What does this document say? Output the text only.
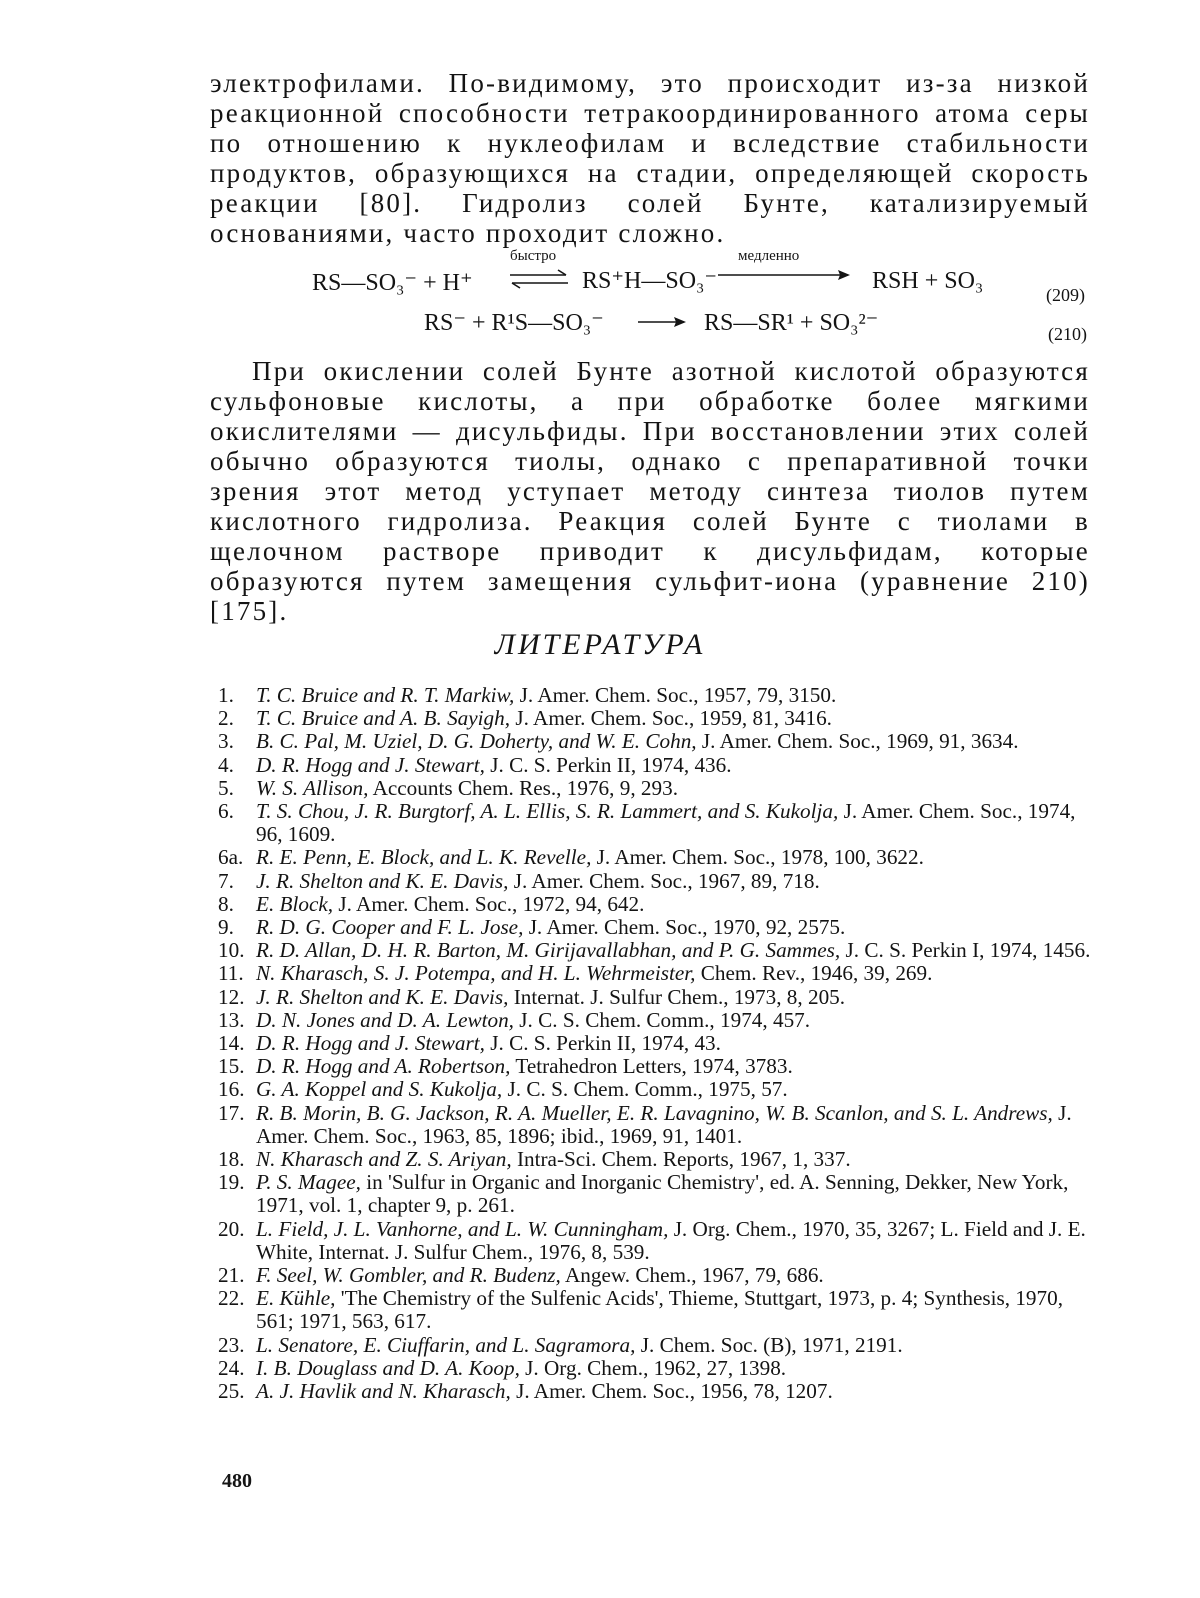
электрофилами. По-видимому, это происходит из-за низкой реакционной способности тетракоординированного атома серы по отношению к нуклеофилам и вследствие стабильности продуктов, образующихся на стадии, определяющей скорость реакции [80]. Гидролиз солей Бунте, катализируемый основаниями, часто проходит сложно.

RS—SO₃⁻ + H⁺
быстро
⇌ RS⁺H—SO₃⁻
медленно
RSH + SO₃
(209)
RS⁻ + R¹S—SO₃⁻	RS—SR¹ + SO₃²⁻	(210)

При окислении солей Бунте азотной кислотой образуются сульфоновые кислоты, а при обработке более мягкими окислителями — дисульфиды. При восстановлении этих солей обычно образуются тиолы, однако с препаративной точки зрения этот метод уступает методу синтеза тиолов путем кислотного гидролиза. Реакция солей Бунте с тиолами в щелочном растворе приводит к дисульфидам, которые образуются путем замещения сульфит-иона (уравнение 210) [175].

ЛИТЕРАТУРА
1. T. C. Bruice and R. T. Markiw, J. Amer. Chem. Soc., 1957, 79, 3150.
2. T. C. Bruice and A. B. Sayigh, J. Amer. Chem. Soc., 1959, 81, 3416.
3. B. C. Pal, M. Uziel, D. G. Doherty, and W. E. Cohn, J. Amer. Chem. Soc., 1969, 91, 3634.
4. D. R. Hogg and J. Stewart, J. C. S. Perkin II, 1974, 436.
5. W. S. Allison, Accounts Chem. Res., 1976, 9, 293.
6. T. S. Chou, J. R. Burgtorf, A. L. Ellis, S. R. Lammert, and S. Kukolja, J. Amer. Chem. Soc., 1974, 96, 1609.
6a. R. E. Penn, E. Block, and L. K. Revelle, J. Amer. Chem. Soc., 1978, 100, 3622.
7. J. R. Shelton and K. E. Davis, J. Amer. Chem. Soc., 1967, 89, 718.
8. E. Block, J. Amer. Chem. Soc., 1972, 94, 642.
9. R. D. G. Cooper and F. L. Jose, J. Amer. Chem. Soc., 1970, 92, 2575.
10. R. D. Allan, D. H. R. Barton, M. Girijavallabhan, and P. G. Sammes, J. C. S. Perkin I, 1974, 1456.
11. N. Kharasch, S. J. Potempa, and H. L. Wehrmeister, Chem. Rev., 1946, 39, 269.
12. J. R. Shelton and K. E. Davis, Internat. J. Sulfur Chem., 1973, 8, 205.
13. D. N. Jones and D. A. Lewton, J. C. S. Chem. Comm., 1974, 457.
14. D. R. Hogg and J. Stewart, J. C. S. Perkin II, 1974, 43.
15. D. R. Hogg and A. Robertson, Tetrahedron Letters, 1974, 3783.
16. G. A. Koppel and S. Kukolja, J. C. S. Chem. Comm., 1975, 57.
17. R. B. Morin, B. G. Jackson, R. A. Mueller, E. R. Lavagnino, W. B. Scanlon, and S. L. Andrews, J. Amer. Chem. Soc., 1963, 85, 1896; ibid., 1969, 91, 1401.
18. N. Kharasch and Z. S. Ariyan, Intra-Sci. Chem. Reports, 1967, 1, 337.
19. P. S. Magee, in 'Sulfur in Organic and Inorganic Chemistry', ed. A. Senning, Dekker, New York, 1971, vol. 1, chapter 9, p. 261.
20. L. Field, J. L. Vanhorne, and L. W. Cunningham, J. Org. Chem., 1970, 35, 3267; L. Field and J. E. White, Internat. J. Sulfur Chem., 1976, 8, 539.
21. F. Seel, W. Gombler, and R. Budenz, Angew. Chem., 1967, 79, 686.
22. E. Kühle, 'The Chemistry of the Sulfenic Acids', Thieme, Stuttgart, 1973, p. 4; Synthesis, 1970, 561; 1971, 563, 617.
23. L. Senatore, E. Ciuffarin, and L. Sagramora, J. Chem. Soc. (B), 1971, 2191.
24. I. B. Douglass and D. A. Koop, J. Org. Chem., 1962, 27, 1398.
25. A. J. Havlik and N. Kharasch, J. Amer. Chem. Soc., 1956, 78, 1207.
480
